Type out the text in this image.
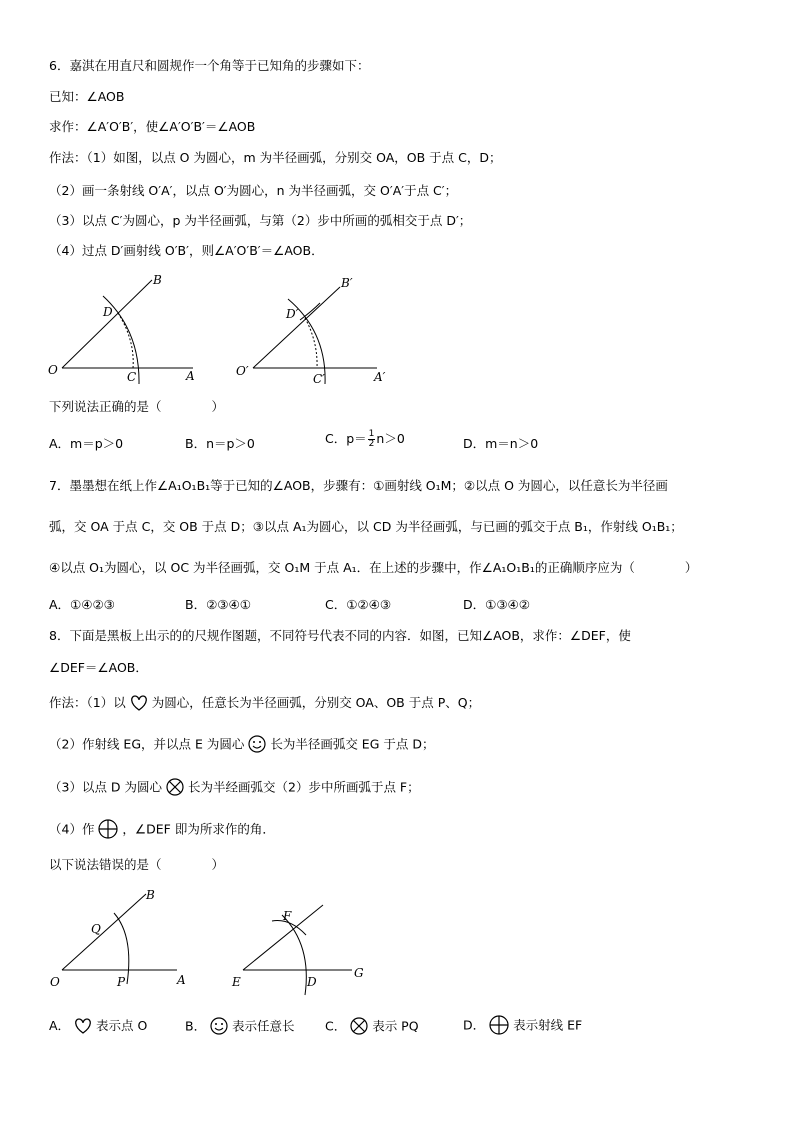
6．嘉淇在用直尺和圆规作一个角等于已知角的步骤如下：
已知：∠AOB
求作：∠A′O′B′，使∠A′O′B′＝∠AOB
作法：（1）如图，以点 O 为圆心，m 为半径画弧，分别交 OA，OB 于点 C，D；
（2）画一条射线 O′A′，以点 O′为圆心，n 为半径画弧，交 O′A′于点 C′；
（3）以点 C′为圆心，p 为半径画弧，与第（2）步中所画的弧相交于点 D′；
（4）过点 D′画射线 O′B′，则∠A′O′B′＝∠AOB．
O	A
B
C
D
O′	A′
B′
C′
D′
下列说法正确的是（　　　　）
A．m＝p＞0	B．n＝p＞0	C．$p= \frac{1}{2} n>0$	D．m＝n＞0
7．墨墨想在纸上作∠A₁O₁B₁等于已知的∠AOB，步骤有：①画射线 O₁M；②以点 O 为圆心，以任意长为半径画
弧，交 OA 于点 C，交 OB 于点 D；③以点 A₁为圆心，以 CD 为半径画弧，与已画的弧交于点 B₁，作射线 O₁B₁；
④以点 O₁为圆心，以 OC 为半径画弧，交 O₁M 于点 A₁．在上述的步骤中，作∠A₁O₁B₁的正确顺序应为（　　　　）
A．①④②③	B．②③④①	C．①②④③	D．①③④②
8．下面是黑板上出示的的尺规作图题，不同符号代表不同的内容．如图，已知∠AOB，求作：∠DEF，使
∠DEF＝∠AOB．
作法：（1）以 为圆心，任意长为半径画弧，分别交 OA、OB 于点 P、Q；
（2）作射线 EG，并以点 E 为圆心 长为半径画弧交 EG 于点 D；
（3）以点 D 为圆心 长为半经画弧交（2）步中所画弧于点 F；
（4）作 ，∠DEF 即为所求作的角．
以下说法错误的是（　　　　）
O	A
B
P
Q
E
G
D
F
A． 表示点 O	B． 表示任意长 C． 表示 PQ	D． 表示射线 EF
